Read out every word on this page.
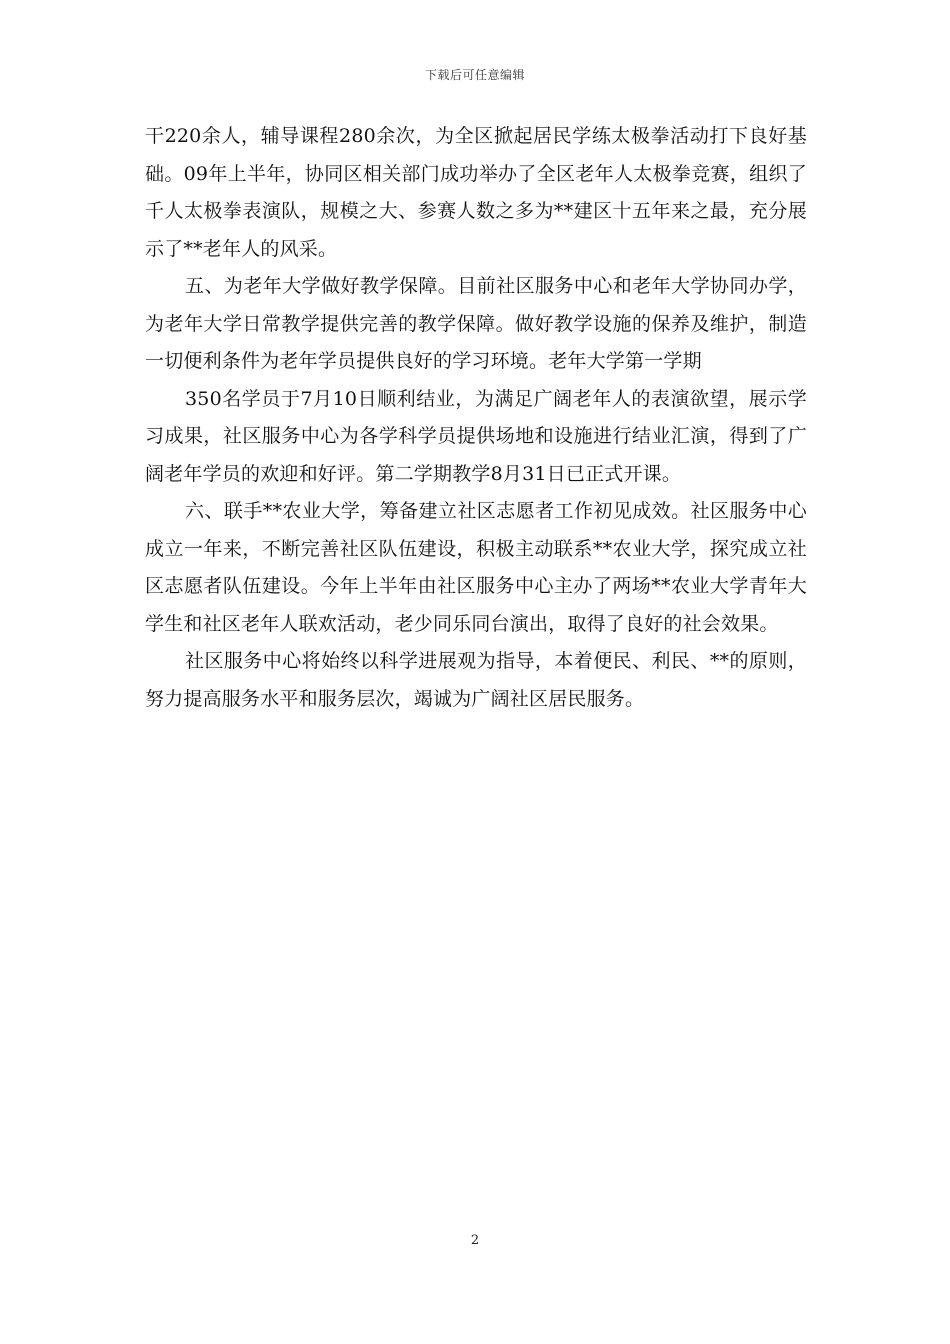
下载后可任意编辑
干220余人，辅导课程280余次，为全区掀起居民学练太极拳活动打下良好基
础。09年上半年，协同区相关部门成功举办了全区老年人太极拳竞赛，组织了
千人太极拳表演队，规模之大、参赛人数之多为**建区十五年来之最，充分展
示了**老年人的风采。
五、为老年大学做好教学保障。目前社区服务中心和老年大学协同办学，
为老年大学日常教学提供完善的教学保障。做好教学设施的保养及维护，制造
一切便利条件为老年学员提供良好的学习环境。老年大学第一学期
350名学员于7月10日顺利结业，为满足广阔老年人的表演欲望，展示学
习成果，社区服务中心为各学科学员提供场地和设施进行结业汇演，得到了广
阔老年学员的欢迎和好评。第二学期教学8月31日已正式开课。
六、联手**农业大学，筹备建立社区志愿者工作初见成效。社区服务中心
成立一年来，不断完善社区队伍建设，积极主动联系**农业大学，探究成立社
区志愿者队伍建设。今年上半年由社区服务中心主办了两场**农业大学青年大
学生和社区老年人联欢活动，老少同乐同台演出，取得了良好的社会效果。
社区服务中心将始终以科学进展观为指导，本着便民、利民、**的原则，
努力提高服务水平和服务层次，竭诚为广阔社区居民服务。
2
